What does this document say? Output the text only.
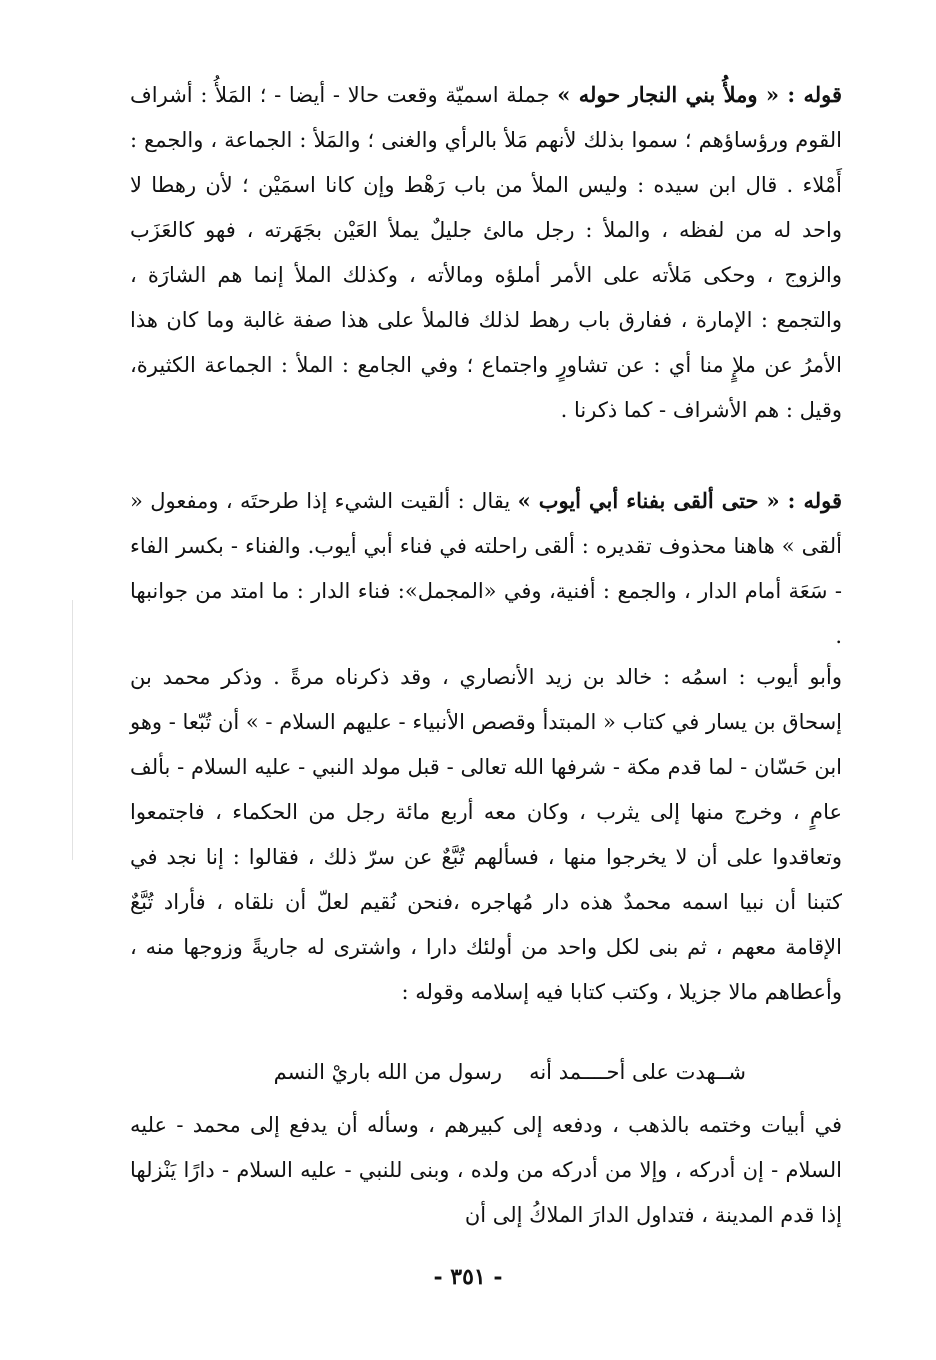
قوله : « وملأُ بني النجار حوله » جملة اسميّة وقعت حالا - أيضا - ؛ المَلأُ : أشراف القوم ورؤساؤهم ؛ سموا بذلك لأنهم مَلأ بالرأي والغنى ؛ والمَلأ : الجماعة ، والجمع : أَمْلاء . قال ابن سيده : وليس الملأ من باب رَهْط وإن كانا اسمَيْن ؛ لأن رهطا لا واحد له من لفظه ، والملأ : رجل مالئ جليلٌ يملأ العَيْن بجَهَرته ، فهو كالعَزَب والزوج ، وحكى مَلأته على الأمر أملؤه ومالأته ، وكذلك الملأ إنما هم الشارَة ، والتجمع : الإمارة ، ففارق باب رهط لذلك فالملأ على هذا صفة غالبة وما كان هذا الأمرُ عن ملإٍ منا أي : عن تشاورٍ واجتماع ؛ وفي الجامع : الملأ : الجماعة الكثيرة، وقيل : هم الأشراف - كما ذكرنا .

قوله : « حتى ألقى بفناء أبي أيوب » يقال : ألقيت الشيء إذا طرحتَه ، ومفعول « ألقى » هاهنا محذوف تقديره : ألقى راحلته في فناء أبي أيوب. والفناء - بكسر الفاء - سَعَة أمام الدار ، والجمع : أفنية، وفي «المجمل»: فناء الدار : ما امتد من جوانبها .

وأبو أيوب : اسمُه : خالد بن زيد الأنصاري ، وقد ذكرناه مرةً . وذكر محمد بن إسحاق بن يسار في كتاب « المبتدأ وقصص الأنبياء - عليهم السلام - » أن تُبّعا - وهو ابن حَسّان - لما قدم مكة - شرفها الله تعالى - قبل مولد النبي - عليه السلام - بألف عامٍ ، وخرج منها إلى يثرب ، وكان معه أربع مائة رجل من الحكماء ، فاجتمعوا وتعاقدوا على أن لا يخرجوا منها ، فسألهم تُبَّعٌ عن سرّ ذلك ، فقالوا : إنا نجد في كتبنا أن نبيا اسمه محمدٌ هذه دار مُهاجره ،فنحن نُقيم لعلّ أن نلقاه ، فأراد تُبَّعٌ الإقامة معهم ، ثم بنى لكل واحد من أولئك دارا ، واشترى له جاريةً وزوجها منه ، وأعطاهم مالا جزيلا ، وكتب كتابا فيه إسلامه وقوله :

شــهدت على أحــــمد أنه
رسول من الله باريْ النسم

في أبيات وختمه بالذهب ، ودفعه إلى كبيرهم ، وسأله أن يدفع إلى محمد - عليه السلام - إن أدركه ، وإلا من أدركه من ولده ، وبنى للنبي - عليه السلام - دارًا يَنْزلها إذا قدم المدينة ، فتداول الدارَ الملاكُ إلى أن

- ٣٥١ -
